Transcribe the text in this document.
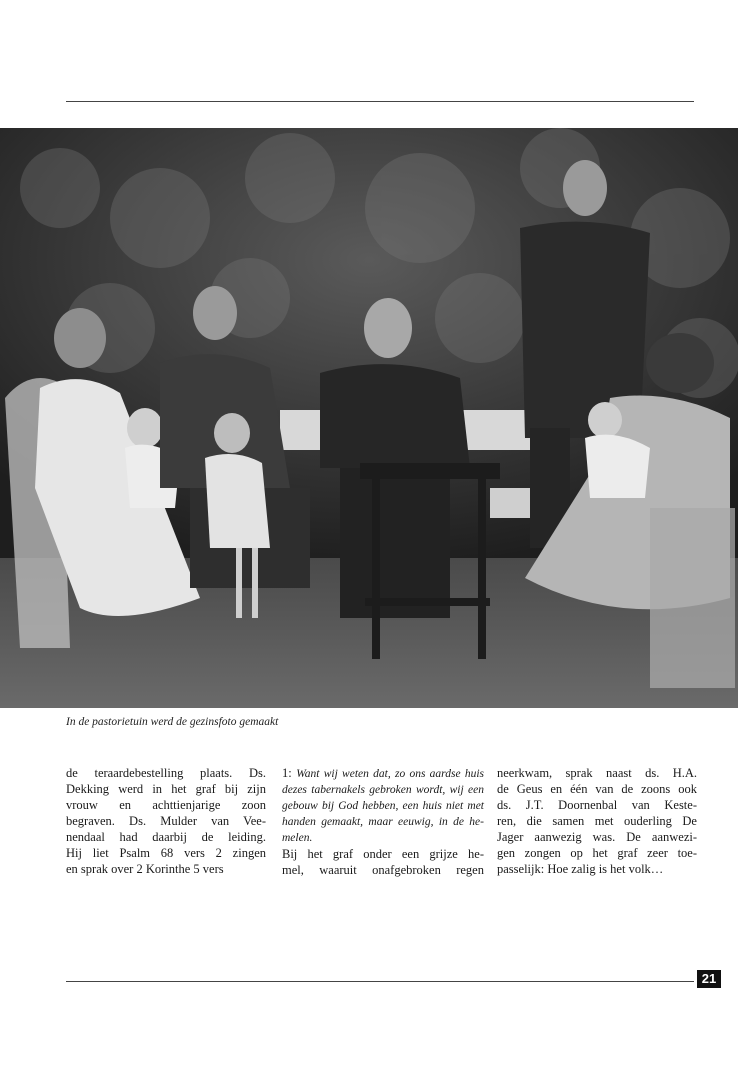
In de pastorietuin werd de gezinsfoto gemaakt
de teraardebestelling plaats. Ds.
Dekking werd in het graf bij zijn
vrouw en achttienjarige zoon
begraven. Ds. Mulder van Vee-
nendaal had daarbij de leiding.
Hij liet Psalm 68 vers 2 zingen
en sprak over 2 Korinthe 5 vers
1: Want wij weten dat, zo ons aardse huis
dezes tabernakels gebroken wordt, wij een
gebouw bij God hebben, een huis niet met
handen gemaakt, maar eeuwig, in de he-
melen.
Bij het graf onder een grijze he-
mel, waaruit onafgebroken regen
neerkwam, sprak naast ds. H.A.
de Geus en één van de zoons ook
ds. J.T. Doornenbal van Keste-
ren, die samen met ouderling De
Jager aanwezig was. De aanwezi-
gen zongen op het graf zeer toe-
passelijk: Hoe zalig is het volk…
21
